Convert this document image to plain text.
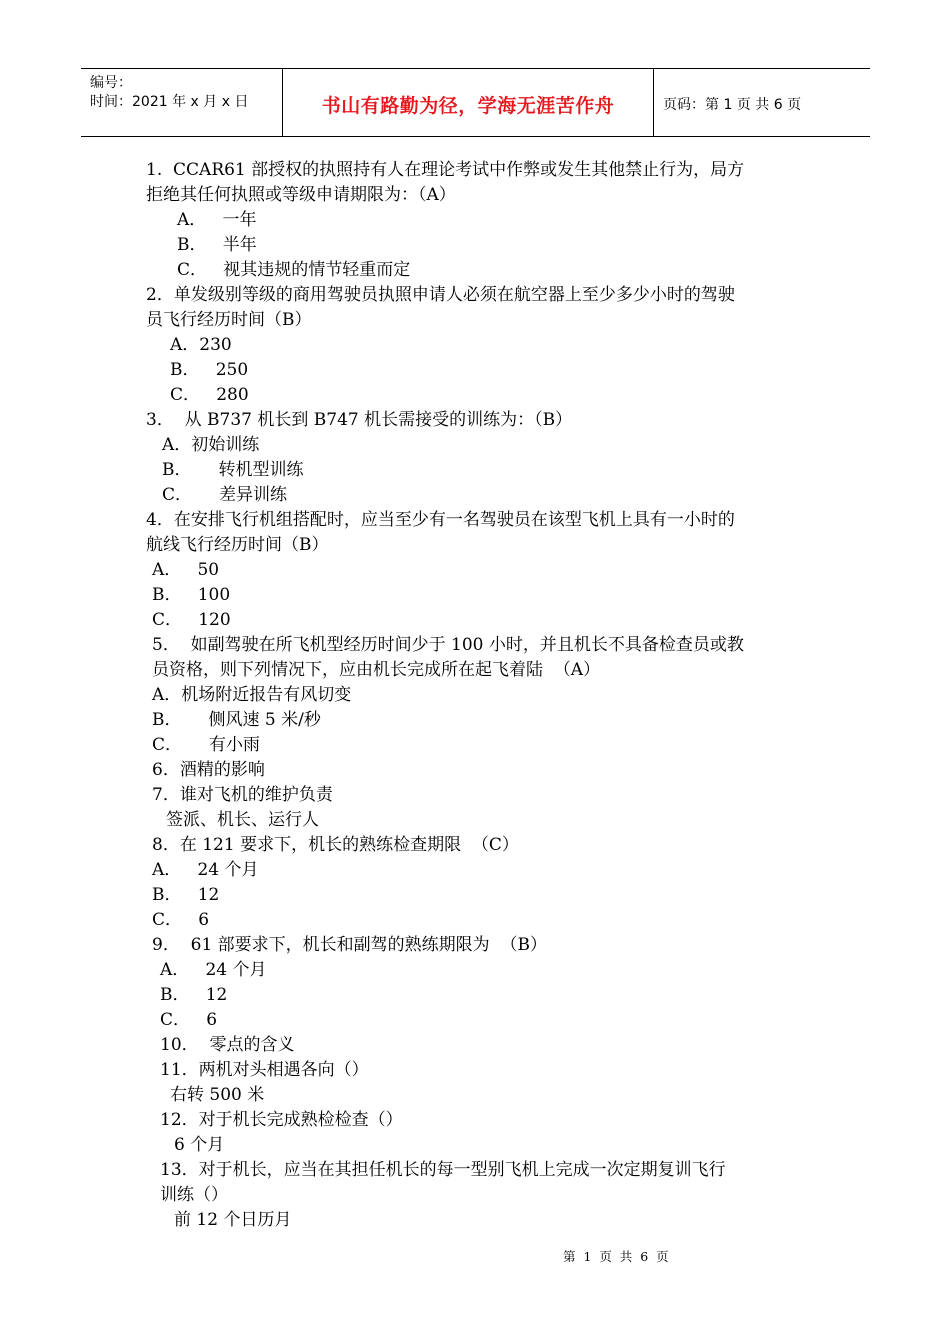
编号：
时间：2021 年 x 月 x 日	书山有路勤为径，学海无涯苦作舟	页码：第 1 页 共 6 页
1.  CCAR61 部授权的执照持有人在理论考试中作弊或发生其他禁止行为，局方
拒绝其任何执照或等级申请期限为：（A）
A．   一年
B．   半年
C．   视其违规的情节轻重而定
2．单发级别等级的商用驾驶员执照申请人必须在航空器上至少多少小时的驾驶
员飞行经历时间（B）
A．230
B．   250
C．   280
3．  从 B737 机长到 B747 机长需接受的训练为：（B）
A．初始训练
B．     转机型训练
C．     差异训练
4．在安排飞行机组搭配时，应当至少有一名驾驶员在该型飞机上具有一小时的
航线飞行经历时间（B）
A．   50
B．   100
C．   120
5．  如副驾驶在所飞机型经历时间少于 100 小时，并且机长不具备检查员或教
员资格，则下列情况下，应由机长完成所在起飞着陆  （A）
A．机场附近报告有风切变
B．     侧风速 5 米/秒
C．     有小雨
6．酒精的影响
7．谁对飞机的维护负责
签派、机长、运行人
8．在 121 要求下，机长的熟练检查期限  （C）
A．   24 个月
B．   12
C．   6
9．  61 部要求下，机长和副驾的熟练期限为  （B）
A．   24 个月
B．   12
C．   6
10．  零点的含义
11．两机对头相遇各向（）
右转 500 米
12．对于机长完成熟检检查（）
6 个月
13．对于机长，应当在其担任机长的每一型别飞机上完成一次定期复训飞行
训练（）
前 12 个日历月
第  1  页  共  6  页
